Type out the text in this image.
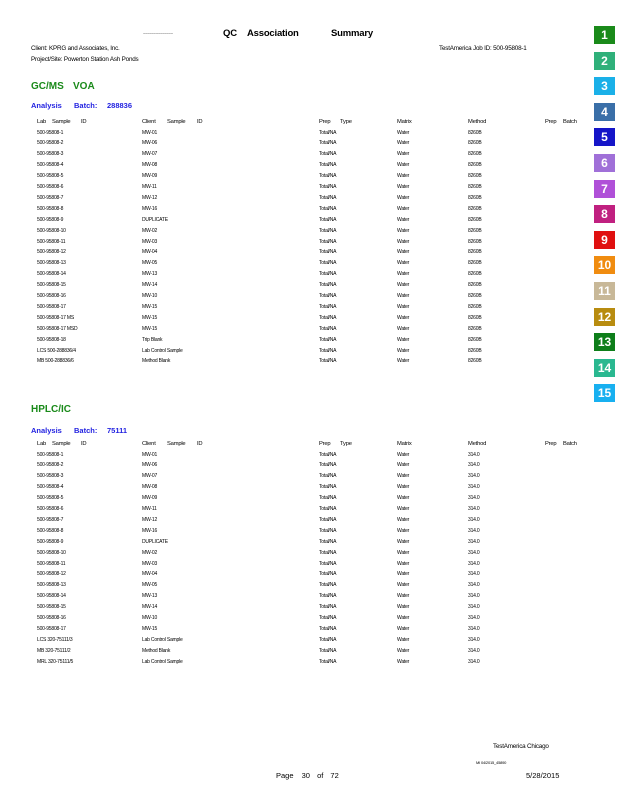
~~~~~~~~~~~~~~	QC Association	Summary
Client: KPRG and Associates, Inc.
Project/Site: Powerton Station Ash Ponds
TestAmerica Job ID: 500-95808-1
1
2
3
4
5
6
7
8
9
10
11
12
13
14
15
GC/MS VOA
Analysis Batch: 288836
Lab Sample ID	Client Sample ID	Prep Type	Matrix	Method	Prep Batch
500-95808-1	MW-01	Total/NA	Water	8260B
500-95808-2	MW-06	Total/NA	Water	8260B
500-95808-3	MW-07	Total/NA	Water	8260B
500-95808-4	MW-08	Total/NA	Water	8260B
500-95808-5	MW-09	Total/NA	Water	8260B
500-95808-6	MW-11	Total/NA	Water	8260B
500-95808-7	MW-12	Total/NA	Water	8260B
500-95808-8	MW-16	Total/NA	Water	8260B
500-95808-9	DUPLICATE	Total/NA	Water	8260B
500-95808-10	MW-02	Total/NA	Water	8260B
500-95808-11	MW-03	Total/NA	Water	8260B
500-95808-12	MW-04	Total/NA	Water	8260B
500-95808-13	MW-05	Total/NA	Water	8260B
500-95808-14	MW-13	Total/NA	Water	8260B
500-95808-15	MW-14	Total/NA	Water	8260B
500-95808-16	MW-10	Total/NA	Water	8260B
500-95808-17	MW-15	Total/NA	Water	8260B
500-95808-17 MS	MW-15	Total/NA	Water	8260B
500-95808-17 MSD	MW-15	Total/NA	Water	8260B
500-95808-18	Trip Blank	Total/NA	Water	8260B
LCS 500-288836/4	Lab Control Sample	Total/NA	Water	8260B
MB 500-288836/6	Method Blank	Total/NA	Water	8260B
HPLC/IC
Analysis Batch: 75111
Lab Sample ID	Client Sample ID	Prep Type	Matrix	Method	Prep Batch
500-95808-1	MW-01	Total/NA	Water	314.0
500-95808-2	MW-06	Total/NA	Water	314.0
500-95808-3	MW-07	Total/NA	Water	314.0
500-95808-4	MW-08	Total/NA	Water	314.0
500-95808-5	MW-09	Total/NA	Water	314.0
500-95808-6	MW-11	Total/NA	Water	314.0
500-95808-7	MW-12	Total/NA	Water	314.0
500-95808-8	MW-16	Total/NA	Water	314.0
500-95808-9	DUPLICATE	Total/NA	Water	314.0
500-95808-10	MW-02	Total/NA	Water	314.0
500-95808-11	MW-03	Total/NA	Water	314.0
500-95808-12	MW-04	Total/NA	Water	314.0
500-95808-13	MW-05	Total/NA	Water	314.0
500-95808-14	MW-13	Total/NA	Water	314.0
500-95808-15	MW-14	Total/NA	Water	314.0
500-95808-16	MW-10	Total/NA	Water	314.0
500-95808-17	MW-15	Total/NA	Water	314.0
LCS 320-75111/3	Lab Control Sample	Total/NA	Water	314.0
MB 320-75111/2	Method Blank	Total/NA	Water	314.0
MRL 320-75111/5	Lab Control Sample	Total/NA	Water	314.0
TestAmerica Chicago
MI 04/2015_45890
Page 30 of 72	5/28/2015
